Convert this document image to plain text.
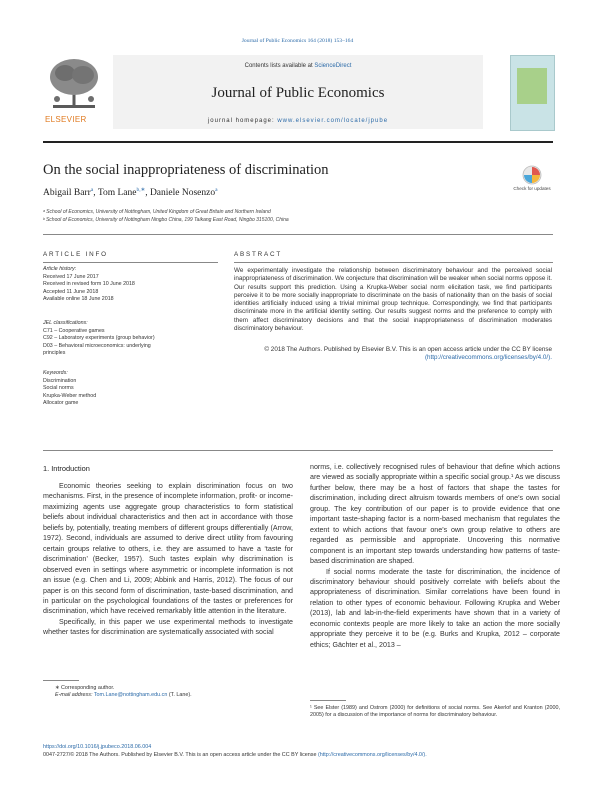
Journal of Public Economics 164 (2018) 153–164
ELSEVIER
Contents lists available at ScienceDirect
Journal of Public Economics
journal homepage: www.elsevier.com/locate/jpube
On the social inappropriateness of discrimination
Check for updates
Abigail Barr$^a$, Tom Lane$^{b,∗}$, Daniele Nosenzo$^a$
ᵃ School of Economics, University of Nottingham, United Kingdom of Great Britain and Northern Ireland
ᵇ School of Economics, University of Nottingham Ningbo China, 199 Taikang East Road, Ningbo 315100, China
ARTICLE INFO	ABSTRACT
Article history:
Received 17 June 2017
Received in revised form 10 June 2018
Accepted 11 June 2018
Available online 18 June 2018
JEL classifications:
C71 – Cooperative games
C92 – Laboratory experiments (group behavior)
D03 – Behavioral microeconomics: underlying
principles
Keywords:
Discrimination
Social norms
Krupka-Weber method
Allocator game
We experimentally investigate the relationship between discriminatory behaviour and the perceived social inappropriateness of discrimination. We conjecture that discrimination will be weaker when social norms oppose it. Our results support this prediction. Using a Krupka-Weber social norm elicitation task, we find participants perceive it to be more socially inappropriate to discriminate on the basis of nationality than on the basis of social identities artificially induced using a trivial minimal group technique. Correspondingly, we find that participants discriminate more in the artificial identity setting. Our results suggest norms and the preference to comply with them affect discriminatory decisions and that the social inappropriateness of discrimination moderates discriminatory behaviour.
© 2018 The Authors. Published by Elsevier B.V. This is an open access article under the CC BY license (http://creativecommons.org/licenses/by/4.0/).
1. Introduction

Economic theories seeking to explain discrimination focus on two mechanisms. First, in the presence of incomplete information, profit- or income-maximizing agents use aggregate group characteristics to form statistical beliefs about individual characteristics and then act in accordance with those beliefs by, potentially, treating members of different groups differentially (Arrow, 1972). Second, individuals are assumed to derive direct utility from favouring certain groups relative to others, i.e. they are assumed to have a ‘taste for discrimination’ (Becker, 1957). Such tastes explain why discrimination is observed even in settings where asymmetric or incomplete information is not an issue (e.g. Chen and Li, 2009; Abbink and Harris, 2012). The focus of our paper is on this second form of discrimination, taste-based discrimination, and in particular on the psychological foundations of the tastes or preferences for discrimination, which have received remarkably little attention in the literature.

Specifically, in this paper we use experimental methods to investigate whether tastes for discrimination are systematically associated with social

norms, i.e. collectively recognised rules of behaviour that define which actions are viewed as socially appropriate within a specific social group.¹ As we discuss further below, there may be a host of factors that shape the tastes for discrimination, including direct altruism towards members of one’s own social group. The key contribution of our paper is to provide evidence that one important taste-shaping factor is a norm-based mechanism that regulates the extent to which actions that favour one’s own group relative to others are regarded as permissible and appropriate. Uncovering this normative component is an important step towards understanding how patterns of taste-based discrimination are shaped.

If social norms moderate the taste for discrimination, the incidence of discriminatory behaviour should positively correlate with beliefs about the appropriateness of discrimination. Similar correlations have been found in relation to other types of economic behaviour. Following Krupka and Weber (2013), lab and lab-in-the-field experiments have shown that in a variety of economic contexts people are more likely to take an action the more socially appropriate they perceive it to be (e.g. Burks and Krupka, 2012 – corporate ethics; Gächter et al., 2013 –

∗ Corresponding author.
E-mail address: Tom.Lane@nottingham.edu.cn (T. Lane).
¹ See Elster (1989) and Ostrom (2000) for definitions of social norms. See Akerlof and Kranton (2000, 2005) for a discussion of the importance of norms for discriminatory behaviour.
https://doi.org/10.1016/j.jpubeco.2018.06.004
0047-2727/© 2018 The Authors. Published by Elsevier B.V. This is an open access article under the CC BY license (http://creativecommons.org/licenses/by/4.0/).
